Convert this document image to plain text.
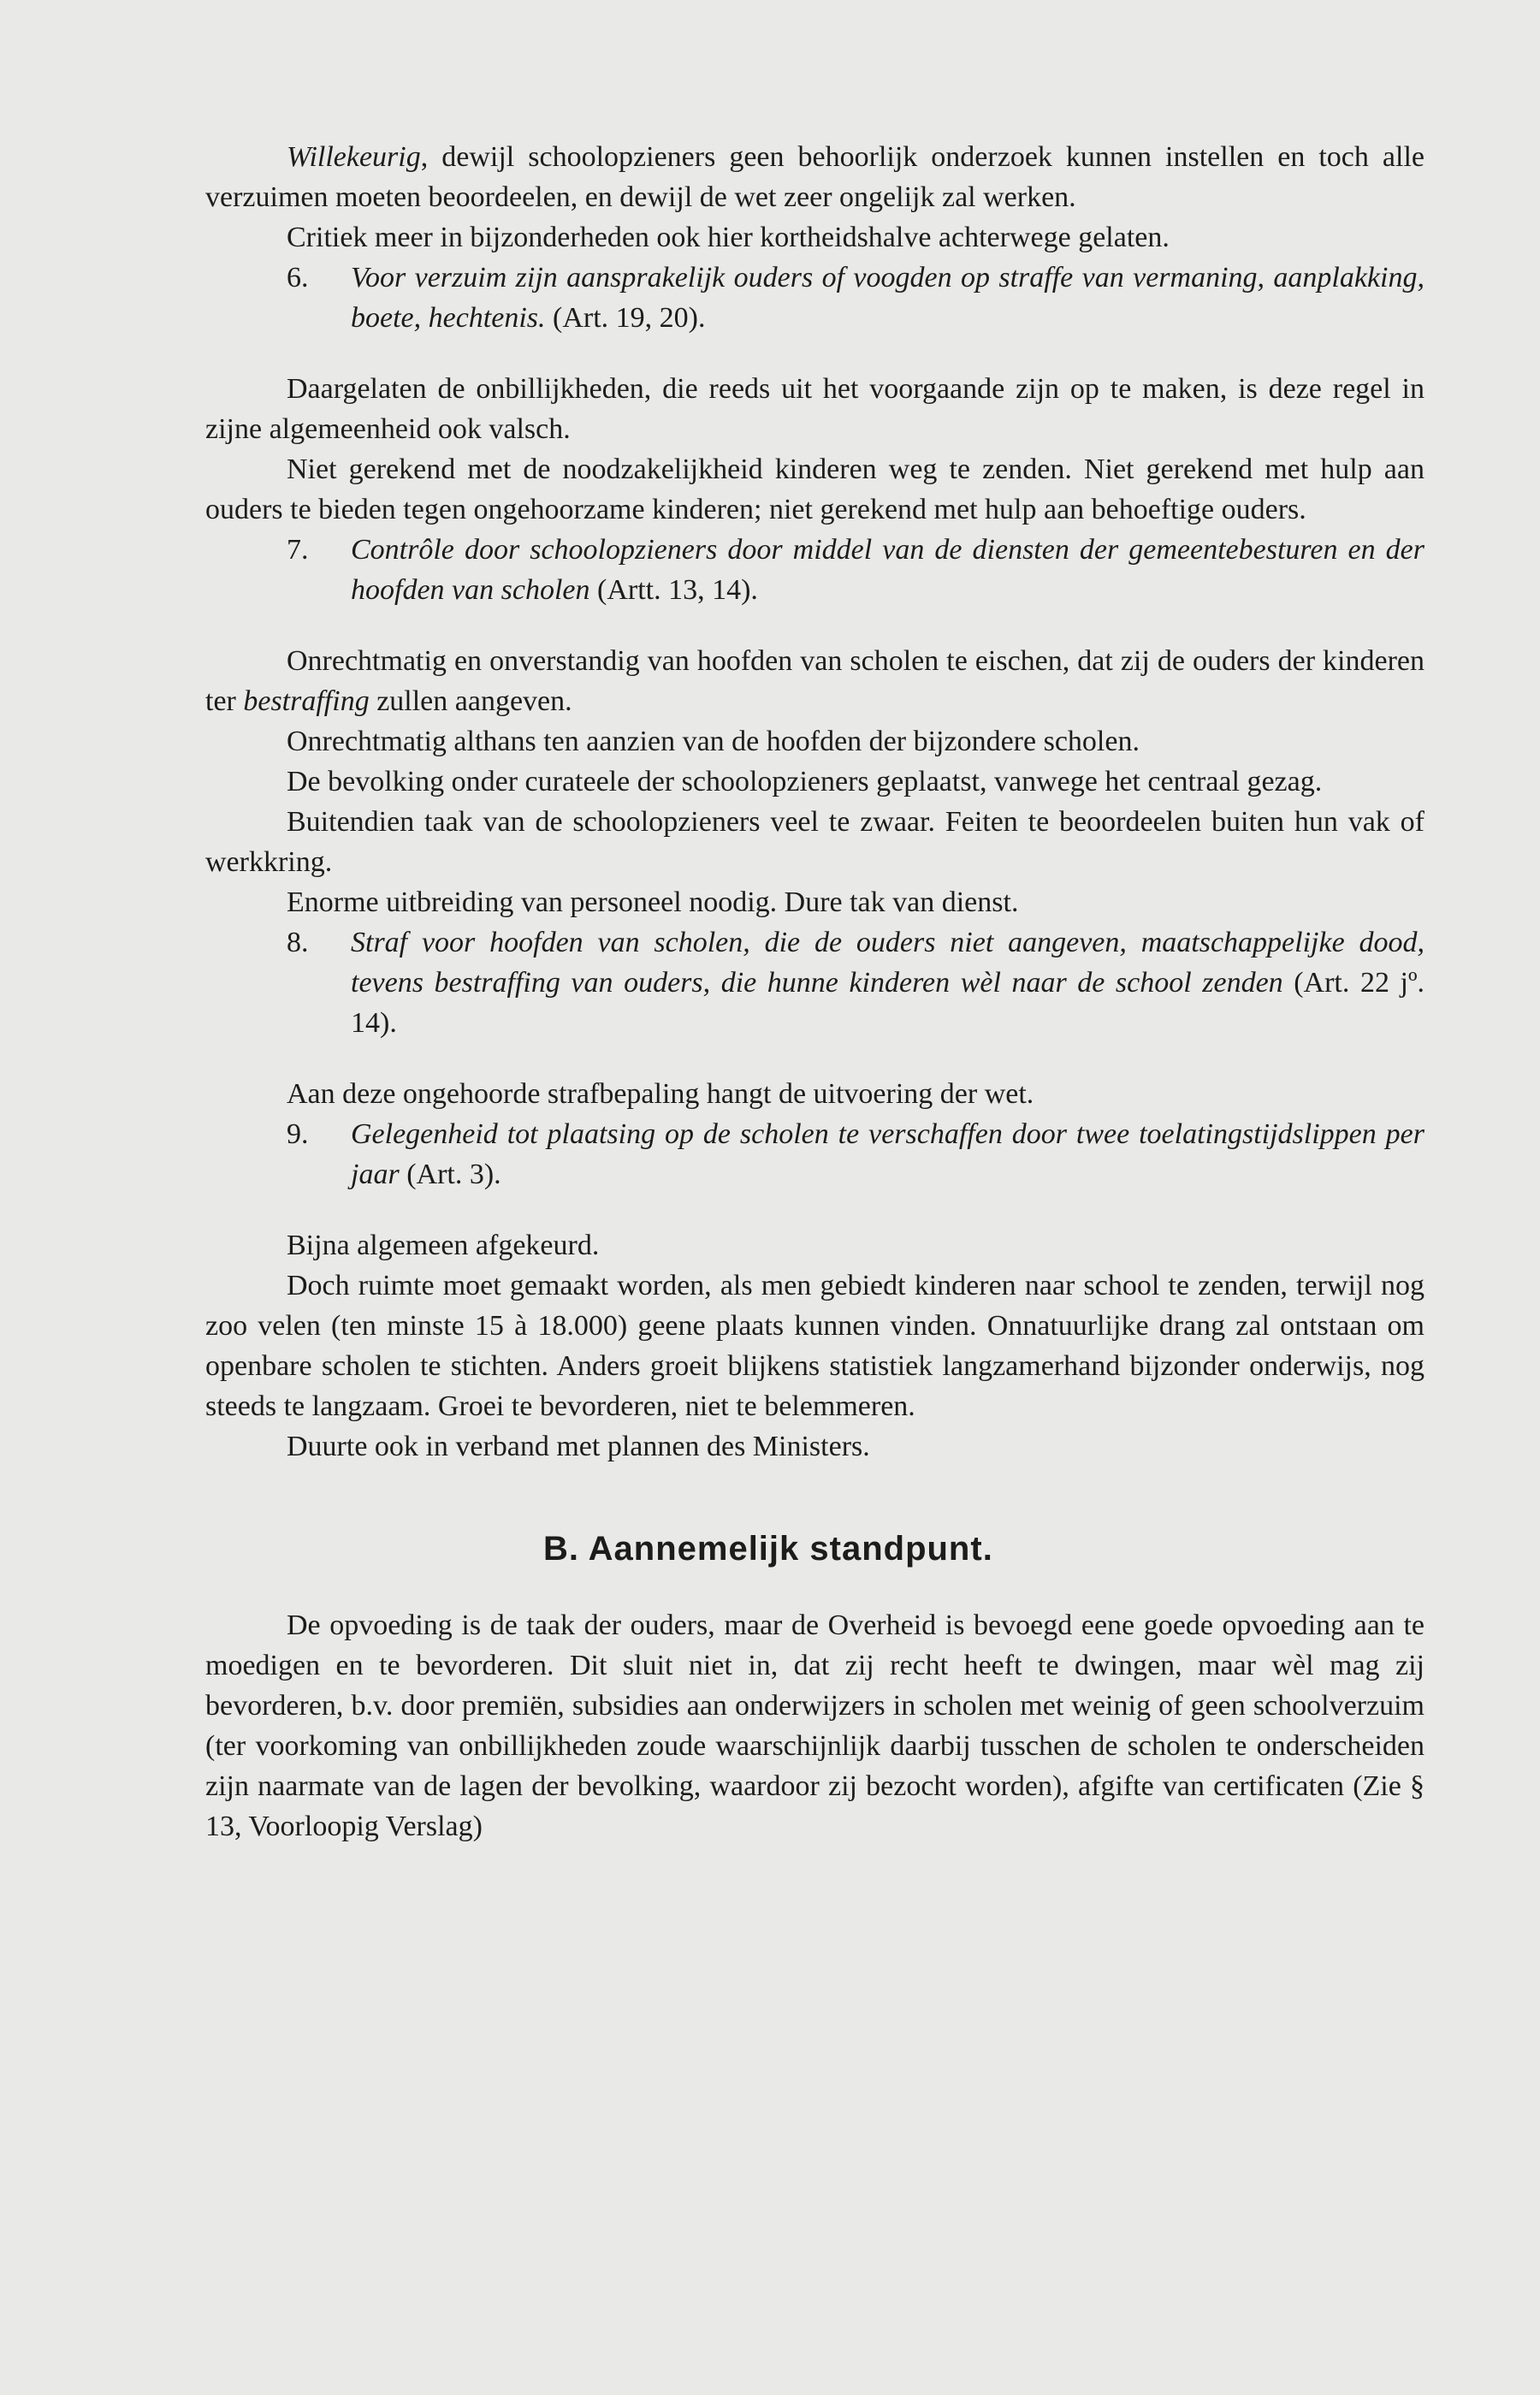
Willekeurig, dewijl schoolopzieners geen behoorlijk onderzoek kunnen instellen en toch alle verzuimen moeten beoordeelen, en dewijl de wet zeer ongelijk zal werken.

Critiek meer in bijzonderheden ook hier kortheidshalve achterwege gelaten.

6. Voor verzuim zijn aansprakelijk ouders of voogden op straffe van vermaning, aanplakking, boete, hechtenis. (Art. 19, 20).

Daargelaten de onbillijkheden, die reeds uit het voorgaande zijn op te maken, is deze regel in zijne algemeenheid ook valsch.

Niet gerekend met de noodzakelijkheid kinderen weg te zenden. Niet gerekend met hulp aan ouders te bieden tegen ongehoorzame kinderen; niet gerekend met hulp aan behoeftige ouders.

7. Contrôle door schoolopzieners door middel van de diensten der gemeentebesturen en der hoofden van scholen (Artt. 13, 14).

Onrechtmatig en onverstandig van hoofden van scholen te eischen, dat zij de ouders der kinderen ter bestraffing zullen aangeven.

Onrechtmatig althans ten aanzien van de hoofden der bijzondere scholen.

De bevolking onder curateele der schoolopzieners geplaatst, vanwege het centraal gezag.

Buitendien taak van de schoolopzieners veel te zwaar. Feiten te beoordeelen buiten hun vak of werkkring.

Enorme uitbreiding van personeel noodig. Dure tak van dienst.

8. Straf voor hoofden van scholen, die de ouders niet aangeven, maatschappelijke dood, tevens bestraffing van ouders, die hunne kinderen wèl naar de school zenden (Art. 22 jº. 14).

Aan deze ongehoorde strafbepaling hangt de uitvoering der wet.

9. Gelegenheid tot plaatsing op de scholen te verschaffen door twee toelatingstijdslippen per jaar (Art. 3).

Bijna algemeen afgekeurd.

Doch ruimte moet gemaakt worden, als men gebiedt kinderen naar school te zenden, terwijl nog zoo velen (ten minste 15 à 18.000) geene plaats kunnen vinden. Onnatuurlijke drang zal ontstaan om openbare scholen te stichten. Anders groeit blijkens statistiek langzamerhand bijzonder onderwijs, nog steeds te langzaam. Groei te bevorderen, niet te belemmeren.

Duurte ook in verband met plannen des Ministers.

B. Aannemelijk standpunt.

De opvoeding is de taak der ouders, maar de Overheid is bevoegd eene goede opvoeding aan te moedigen en te bevorderen. Dit sluit niet in, dat zij recht heeft te dwingen, maar wèl mag zij bevorderen, b.v. door premiën, subsidies aan onderwijzers in scholen met weinig of geen schoolverzuim (ter voorkoming van onbillijkheden zoude waarschijnlijk daarbij tusschen de scholen te onderscheiden zijn naarmate van de lagen der bevolking, waardoor zij bezocht worden), afgifte van certificaten (Zie § 13, Voorloopig Verslag)
